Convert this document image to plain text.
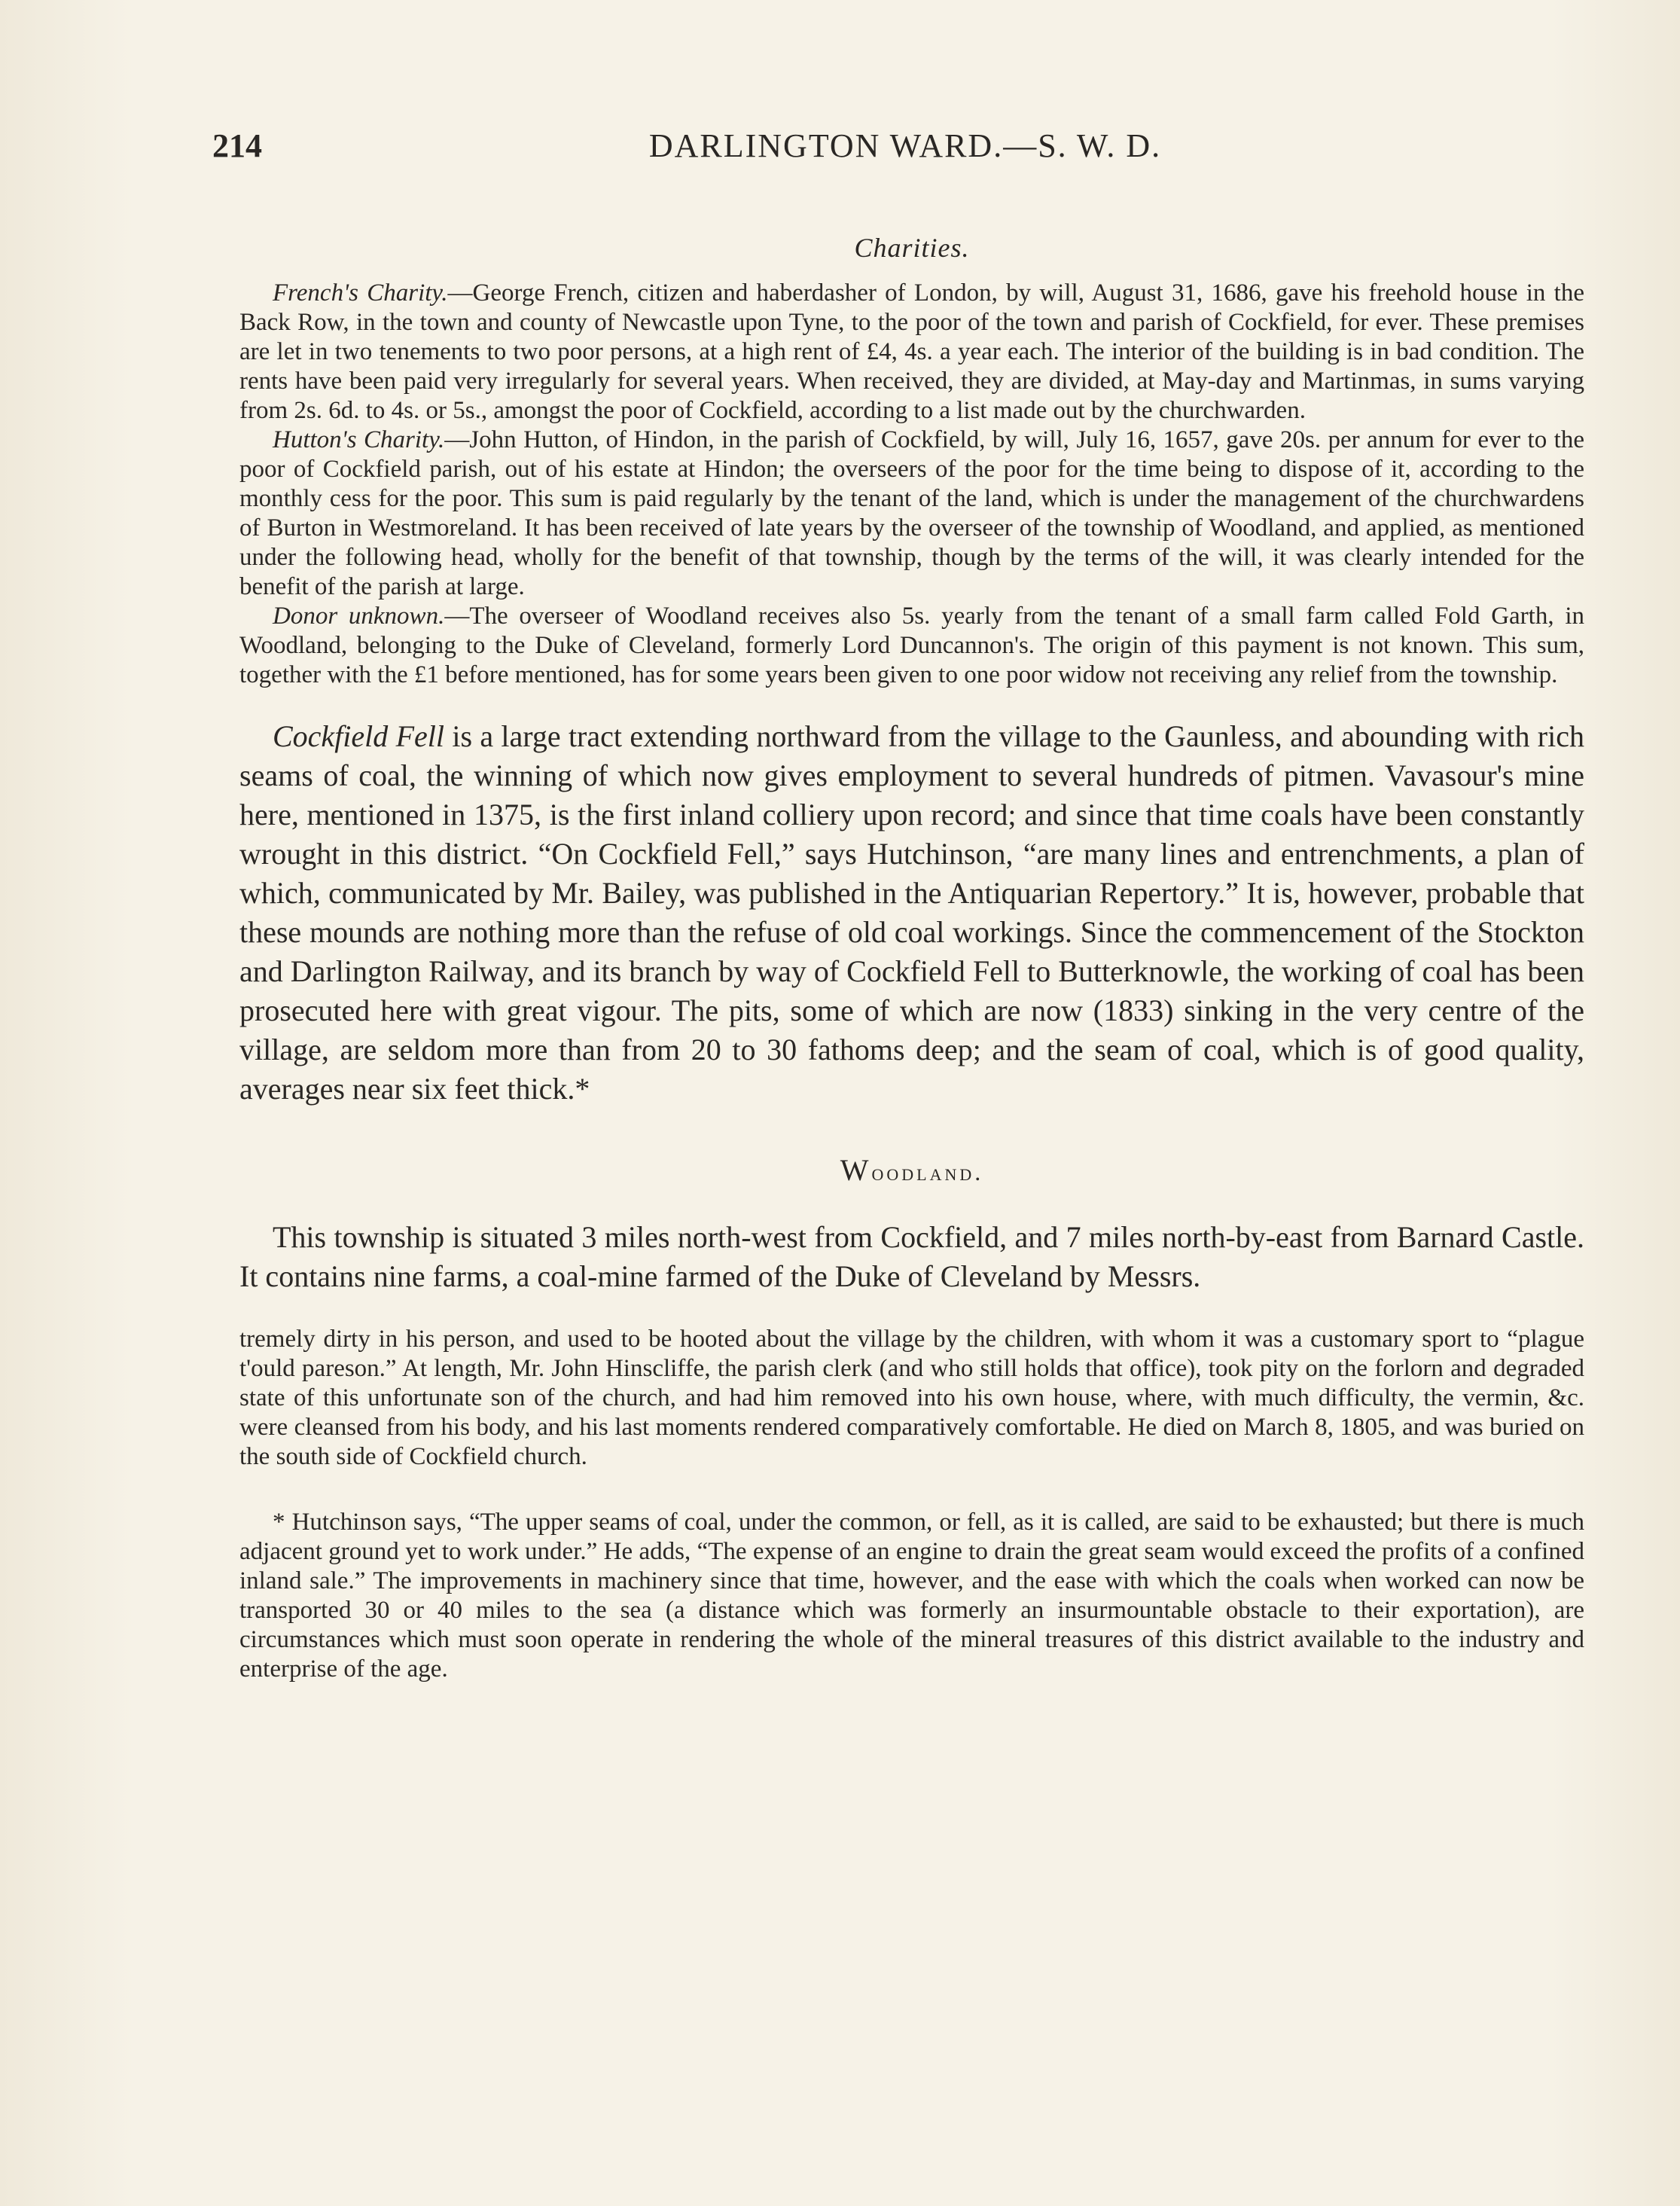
214	DARLINGTON WARD.—S. W. D.
Charities.

French's Charity.—George French, citizen and haberdasher of London, by will, August 31, 1686, gave his freehold house in the Back Row, in the town and county of Newcastle upon Tyne, to the poor of the town and parish of Cockfield, for ever. These premises are let in two tenements to two poor persons, at a high rent of £4, 4s. a year each. The interior of the building is in bad condition. The rents have been paid very irregularly for several years. When received, they are divided, at May-day and Martinmas, in sums varying from 2s. 6d. to 4s. or 5s., amongst the poor of Cockfield, according to a list made out by the churchwarden.

Hutton's Charity.—John Hutton, of Hindon, in the parish of Cockfield, by will, July 16, 1657, gave 20s. per annum for ever to the poor of Cockfield parish, out of his estate at Hindon; the overseers of the poor for the time being to dispose of it, according to the monthly cess for the poor. This sum is paid regularly by the tenant of the land, which is under the management of the churchwardens of Burton in Westmoreland. It has been received of late years by the overseer of the township of Woodland, and applied, as mentioned under the following head, wholly for the benefit of that township, though by the terms of the will, it was clearly intended for the benefit of the parish at large.

Donor unknown.—The overseer of Woodland receives also 5s. yearly from the tenant of a small farm called Fold Garth, in Woodland, belonging to the Duke of Cleveland, formerly Lord Duncannon's. The origin of this payment is not known. This sum, together with the £1 before mentioned, has for some years been given to one poor widow not receiving any relief from the township.

Cockfield Fell is a large tract extending northward from the village to the Gaunless, and abounding with rich seams of coal, the winning of which now gives employment to several hundreds of pitmen. Vavasour's mine here, mentioned in 1375, is the first inland colliery upon record; and since that time coals have been constantly wrought in this district. “On Cockfield Fell,” says Hutchinson, “are many lines and entrenchments, a plan of which, communicated by Mr. Bailey, was published in the Antiquarian Repertory.” It is, however, probable that these mounds are nothing more than the refuse of old coal workings. Since the commencement of the Stockton and Darlington Railway, and its branch by way of Cockfield Fell to Butterknowle, the working of coal has been prosecuted here with great vigour. The pits, some of which are now (1833) sinking in the very centre of the village, are seldom more than from 20 to 30 fathoms deep; and the seam of coal, which is of good quality, averages near six feet thick.*

Woodland.

This township is situated 3 miles north-west from Cockfield, and 7 miles north-by-east from Barnard Castle. It contains nine farms, a coal-mine farmed of the Duke of Cleveland by Messrs.

tremely dirty in his person, and used to be hooted about the village by the children, with whom it was a customary sport to “plague t'ould pareson.” At length, Mr. John Hinscliffe, the parish clerk (and who still holds that office), took pity on the forlorn and degraded state of this unfortunate son of the church, and had him removed into his own house, where, with much difficulty, the vermin, &c. were cleansed from his body, and his last moments rendered comparatively comfortable. He died on March 8, 1805, and was buried on the south side of Cockfield church.

* Hutchinson says, “The upper seams of coal, under the common, or fell, as it is called, are said to be exhausted; but there is much adjacent ground yet to work under.” He adds, “The expense of an engine to drain the great seam would exceed the profits of a confined inland sale.” The improvements in machinery since that time, however, and the ease with which the coals when worked can now be transported 30 or 40 miles to the sea (a distance which was formerly an insurmountable obstacle to their exportation), are circumstances which must soon operate in rendering the whole of the mineral treasures of this district available to the industry and enterprise of the age.
